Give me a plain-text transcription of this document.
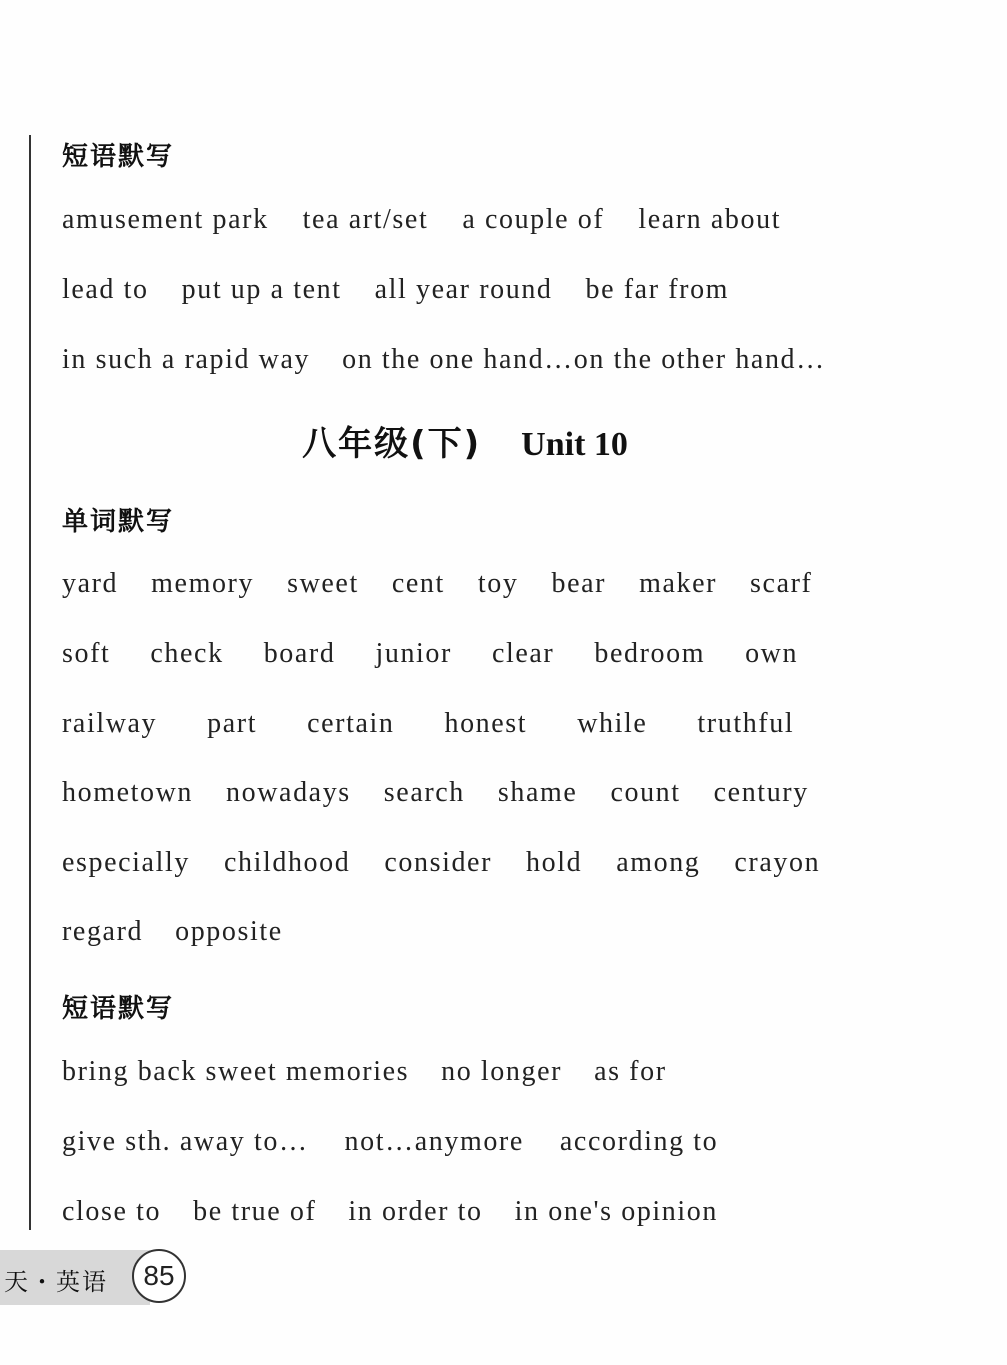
短语默写
amusement park tea art/set a couple of learn about
lead to put up a tent all year round be far from
in such a rapid way on the one hand…on the other hand…
八年级(下) Unit 10
单词默写
yard memory sweet cent toy bear maker scarf
soft check board junior clear bedroom own
railway part certain honest while truthful
hometown nowadays search shame count century
especially childhood consider hold among crayon
regard opposite
短语默写
bring back sweet memories no longer as for
give sth. away to… not…anymore according to
close to be true of in order to in one's opinion
天・英语	85
